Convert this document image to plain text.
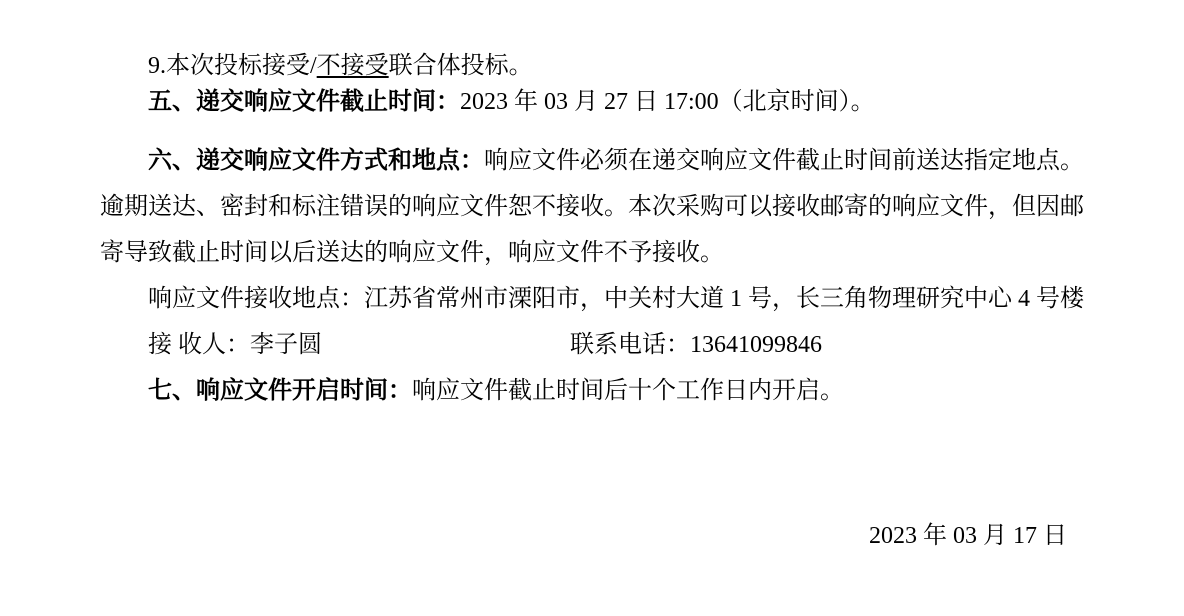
9.本次投标接受/不接受联合体投标。
五、递交响应文件截止时间：2023 年 03 月 27 日 17:00（北京时间）。
六、递交响应文件方式和地点：响应文件必须在递交响应文件截止时间前送达指定地点。
逾期送达、密封和标注错误的响应文件恕不接收。本次采购可以接收邮寄的响应文件，但因邮
寄导致截止时间以后送达的响应文件，响应文件不予接收。
响应文件接收地点：江苏省常州市溧阳市，中关村大道 1 号，长三角物理研究中心 4 号楼
接 收人：李子圆	联系电话：13641099846
七、响应文件开启时间：响应文件截止时间后十个工作日内开启。
2023 年 03 月 17 日
